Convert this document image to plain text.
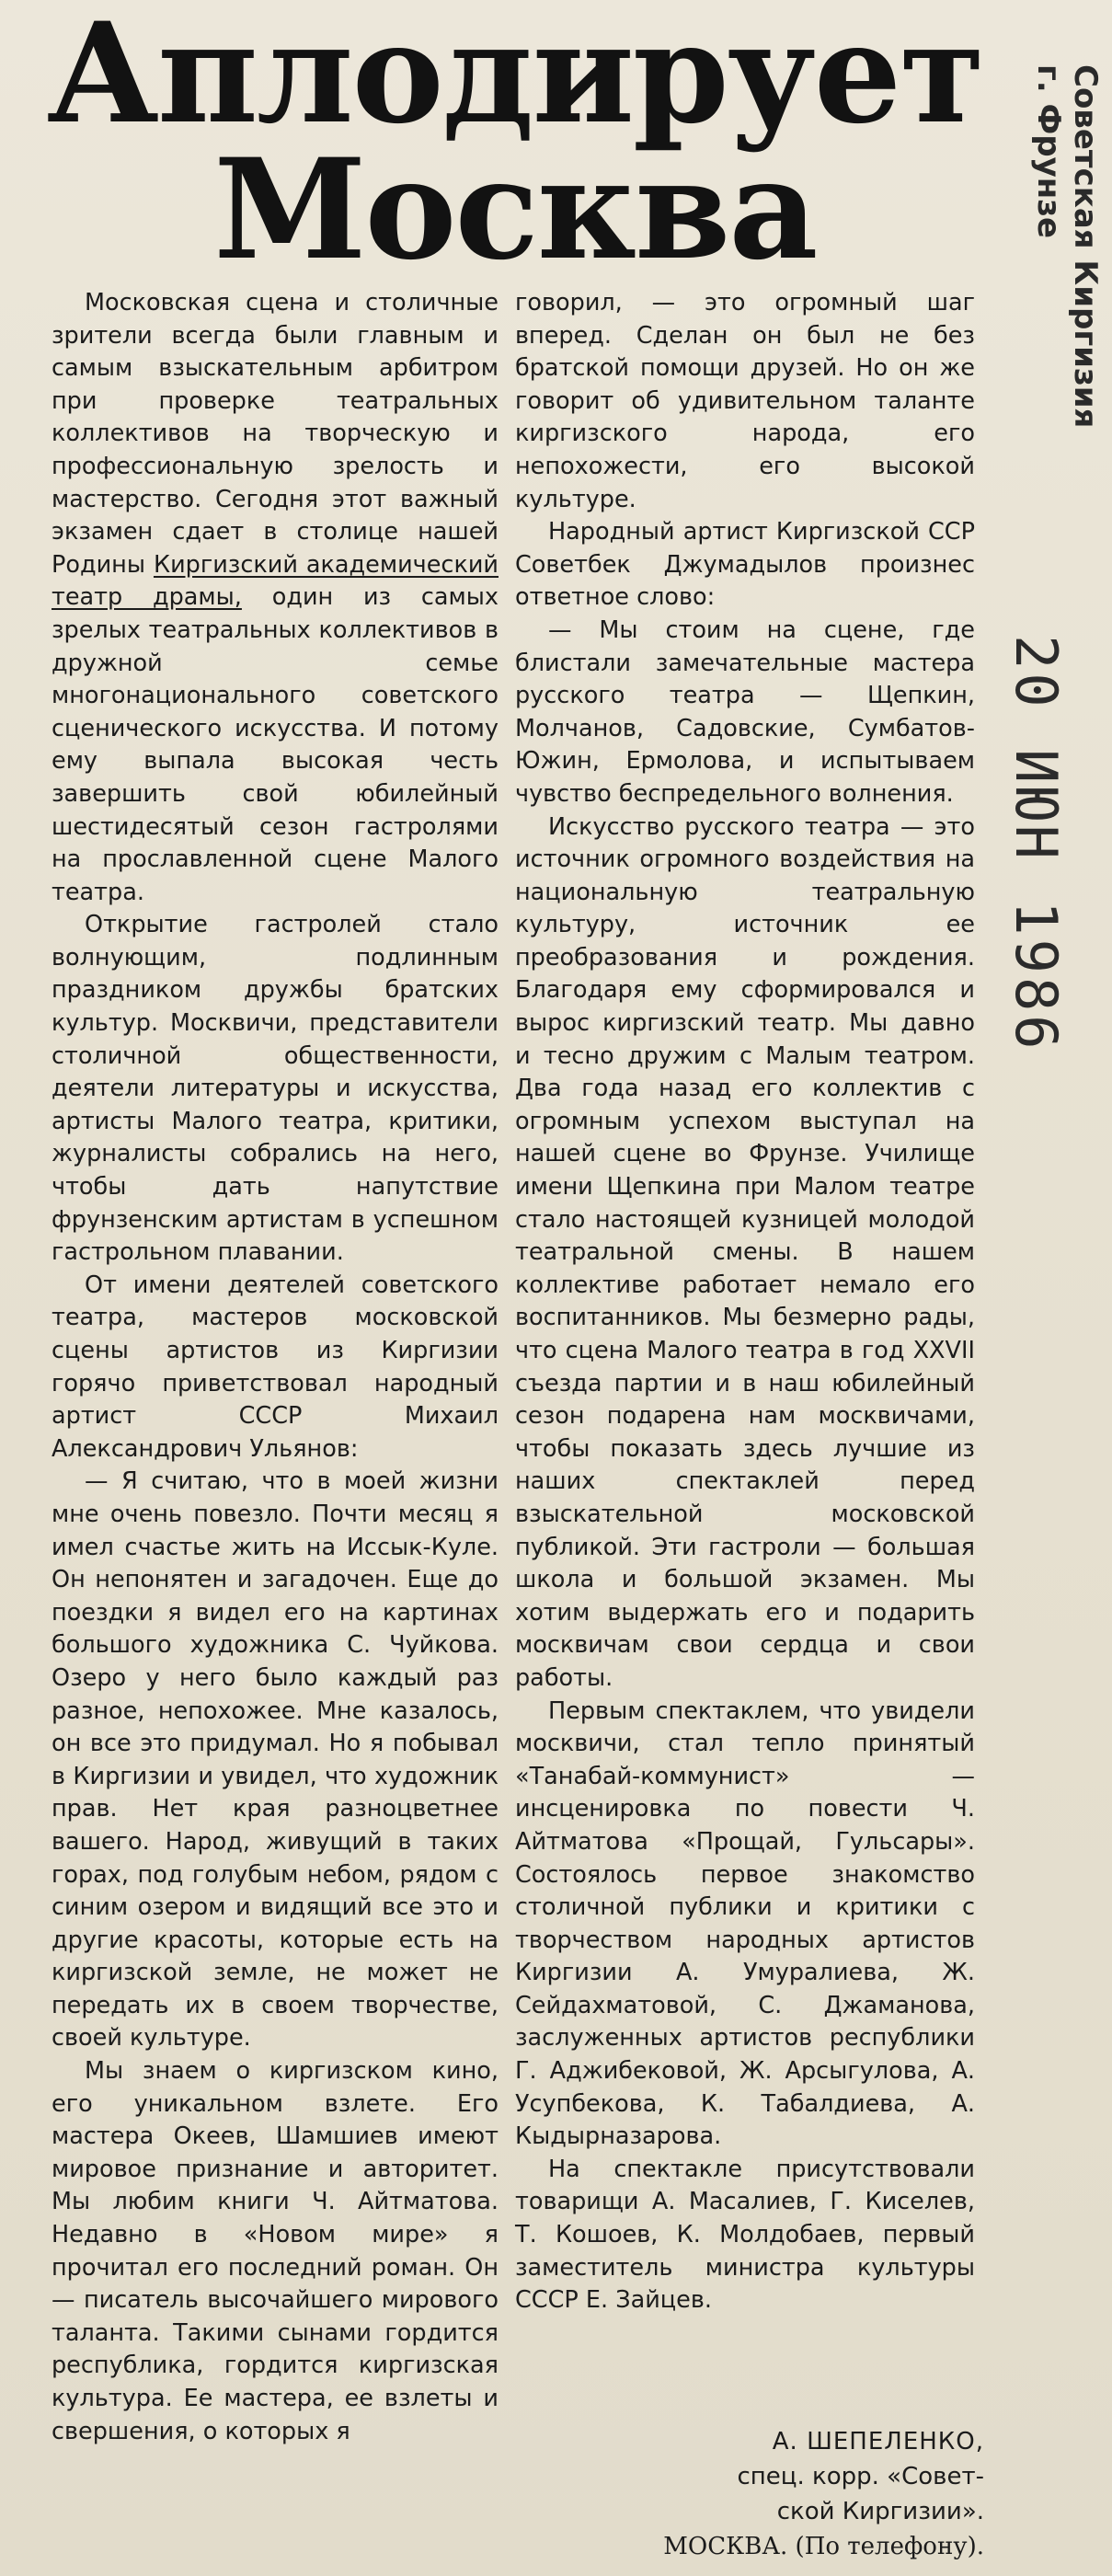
Аплодирует Москва	Советская Киргизия
г. Фрунзе
20 ИЮН 1986

Московская сцена и столичные зрители всегда были главным и самым взыскательным арбитром при проверке театральных коллективов на творческую и профессиональную зрелость и мастерство. Сегодня этот важный экзамен сдает в столице нашей Родины Киргизский академический театр драмы, один из самых зрелых театральных коллективов в дружной семье многонационального советского сценического искусства. И потому ему выпала высокая честь завершить свой юбилейный шестидесятый сезон гастролями на прославленной сцене Малого театра.

Открытие гастролей стало волнующим, подлинным праздником дружбы братских культур. Москвичи, представители столичной общественности, деятели литературы и искусства, артисты Малого театра, критики, журналисты собрались на него, чтобы дать напутствие фрунзенским артистам в успешном гастрольном плавании.

От имени деятелей советского театра, мастеров московской сцены артистов из Киргизии горячо приветствовал народный артист СССР Михаил Александрович Ульянов:

— Я считаю, что в моей жизни мне очень повезло. Почти месяц я имел счастье жить на Иссык-Куле. Он непонятен и загадочен. Еще до поездки я видел его на картинах большого художника С. Чуйкова. Озеро у него было каждый раз разное, непохожее. Мне казалось, он все это придумал. Но я побывал в Киргизии и увидел, что художник прав. Нет края разноцветнее вашего. Народ, живущий в таких горах, под голубым небом, рядом с синим озером и видящий все это и другие красоты, которые есть на киргизской земле, не может не передать их в своем творчестве, своей культуре.

Мы знаем о киргизском кино, его уникальном взлете. Его мастера Океев, Шамшиев имеют мировое признание и авторитет. Мы любим книги Ч. Айтматова. Недавно в «Новом мире» я прочитал его последний роман. Он — писатель высочайшего мирового таланта. Такими сынами гордится республика, гордится киргизская культура. Ее мастера, ее взлеты и свершения, о которых я

говорил, — это огромный шаг вперед. Сделан он был не без братской помощи друзей. Но он же говорит об удивительном таланте киргизского народа, его непохожести, его высокой культуре.

Народный артист Киргизской ССР Советбек Джумадылов произнес ответное слово:

— Мы стоим на сцене, где блистали замечательные мастера русского театра — Щепкин, Молчанов, Садовские, Сумбатов-Южин, Ермолова, и испытываем чувство беспредельного волнения.

Искусство русского театра — это источник огромного воздействия на национальную театральную культуру, источник ее преобразования и рождения. Благодаря ему сформировался и вырос киргизский театр. Мы давно и тесно дружим с Малым театром. Два года назад его коллектив с огромным успехом выступал на нашей сцене во Фрунзе. Училище имени Щепкина при Малом театре стало настоящей кузницей молодой театральной смены. В нашем коллективе работает немало его воспитанников. Мы безмерно рады, что сцена Малого театра в год XXVII съезда партии и в наш юбилейный сезон подарена нам москвичами, чтобы показать здесь лучшие из наших спектаклей перед взыскательной московской публикой. Эти гастроли — большая школа и большой экзамен. Мы хотим выдержать его и подарить москвичам свои сердца и свои работы.

Первым спектаклем, что увидели москвичи, стал тепло принятый «Танабай-коммунист» — инсценировка по повести Ч. Айтматова «Прощай, Гульсары». Состоялось первое знакомство столичной публики и критики с творчеством народных артистов Киргизии А. Умуралиева, Ж. Сейдахматовой, С. Джаманова, заслуженных артистов республики Г. Аджибековой, Ж. Арсыгулова, А. Усупбекова, К. Табалдиева, А. Кыдырназарова.

На спектакле присутствовали товарищи А. Масалиев, Г. Киселев, Т. Кошоев, К. Молдобаев, первый заместитель министра культуры СССР Е. Зайцев.

А. ШЕПЕЛЕНКО,
спец. корр. «Совет-
ской Киргизии».
МОСКВА. (По телефону).
